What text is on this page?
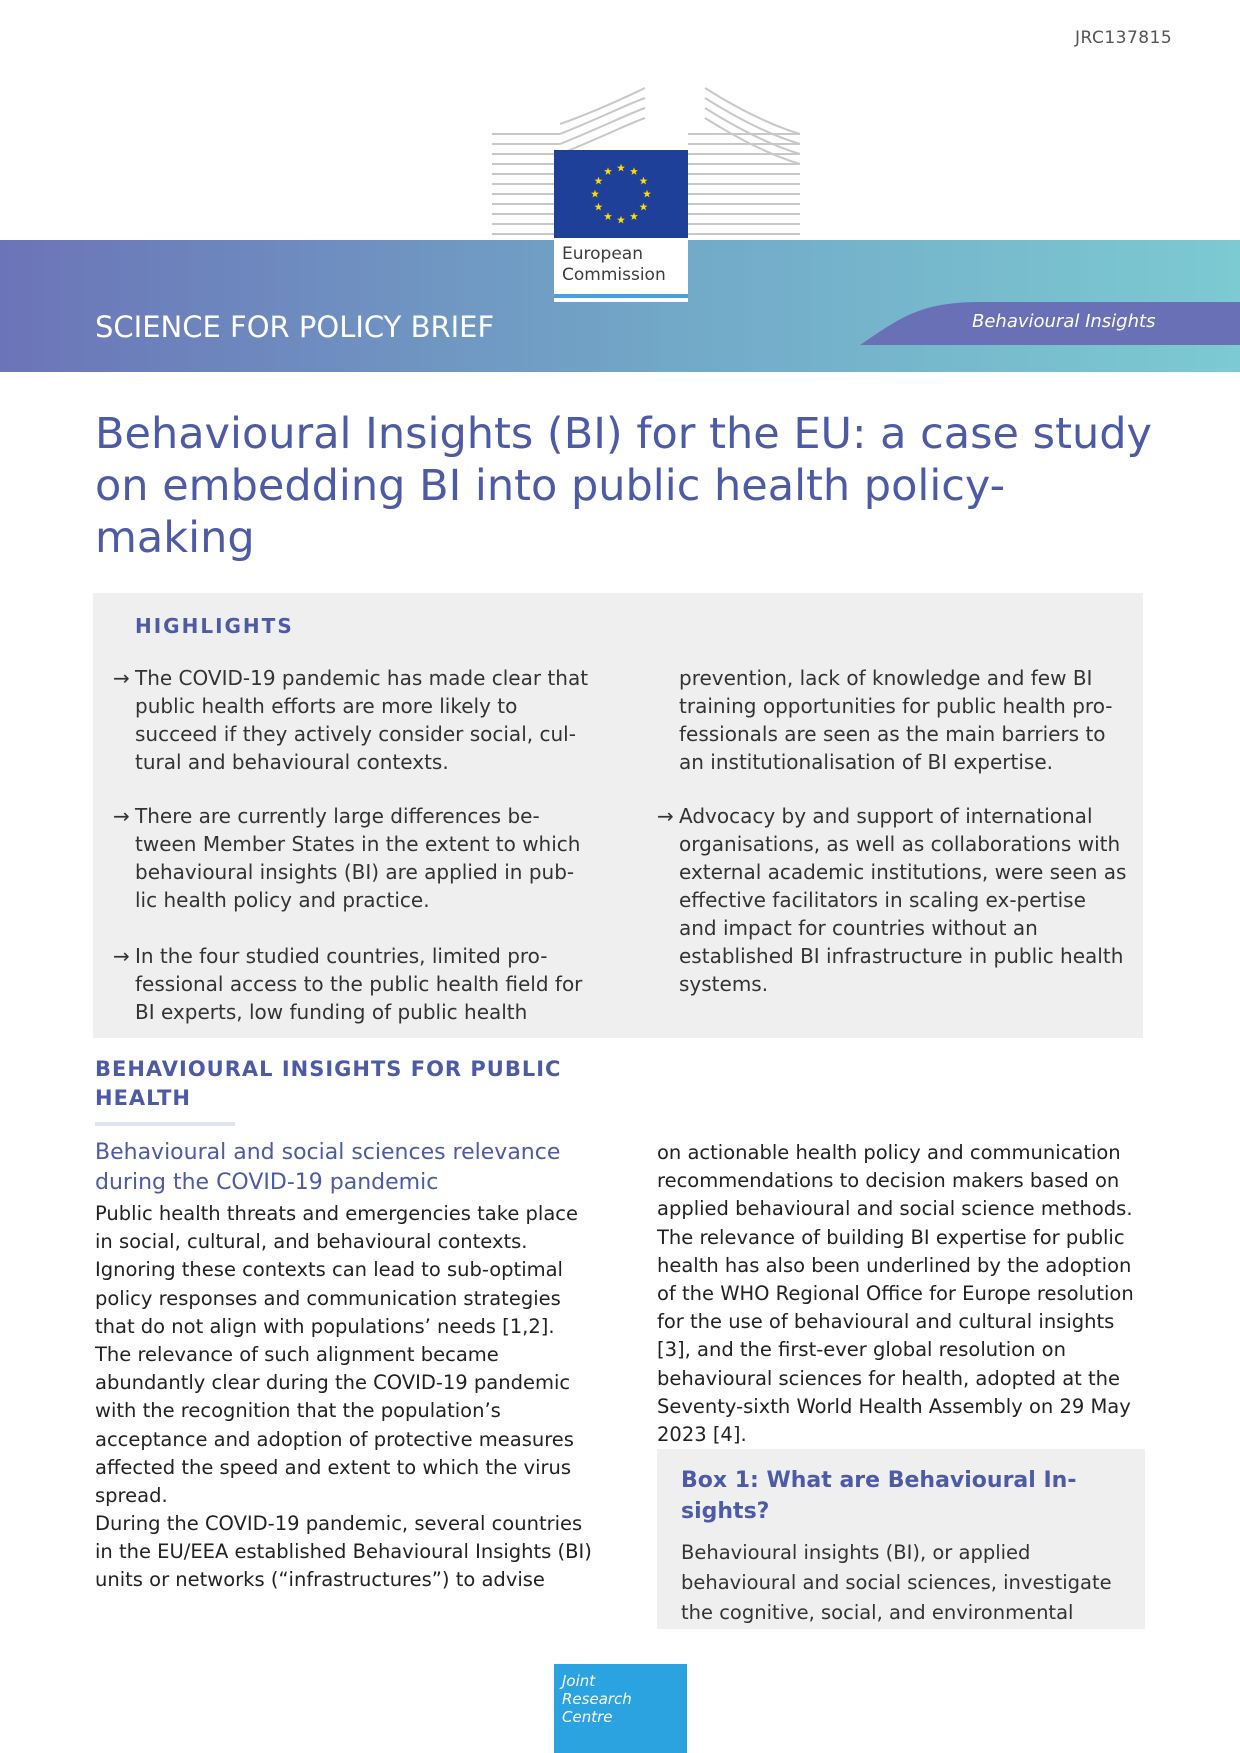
JRC137815
SCIENCE FOR POLICY BRIEF	Behavioural Insights
European
Commission
Behavioural Insights (BI) for the EU: a case study on embedding BI into public health policy-making
HIGHLIGHTS
→ The COVID-19 pandemic has made clear that public health efforts are more likely to succeed if they actively consider social, cul-tural and behavioural contexts.

→ There are currently large differences be-tween Member States in the extent to which behavioural insights (BI) are applied in pub-lic health policy and practice.

→ In the four studied countries, limited pro-fessional access to the public health field for BI experts, low funding of public health

prevention, lack of knowledge and few BI training opportunities for public health pro-fessionals are seen as the main barriers to an institutionalisation of BI expertise.

→ Advocacy by and support of international organisations, as well as collaborations with external academic institutions, were seen as effective facilitators in scaling ex-pertise and impact for countries without an established BI infrastructure in public health systems.

BEHAVIOURAL INSIGHTS FOR PUBLIC HEALTH
Behavioural and social sciences relevance during the COVID-19 pandemic

Public health threats and emergencies take place in social, cultural, and behavioural contexts. Ignoring these contexts can lead to sub-optimal policy responses and communication strategies that do not align with populations’ needs [1,2]. The relevance of such alignment became abundantly clear during the COVID-19 pandemic with the recognition that the population’s acceptance and adoption of protective measures affected the speed and extent to which the virus spread.

During the COVID-19 pandemic, several countries in the EU/EEA established Behavioural Insights (BI) units or networks (“infrastructures”) to advise

on actionable health policy and communication recommendations to decision makers based on applied behavioural and social science methods. The relevance of building BI expertise for public health has also been underlined by the adoption of the WHO Regional Office for Europe resolution for the use of behavioural and cultural insights [3], and the first-ever global resolution on behavioural sciences for health, adopted at the Seventy-sixth World Health Assembly on 29 May 2023 [4].

Box 1: What are Behavioural In-sights?

Behavioural insights (BI), or applied behavioural and social sciences, investigate the cognitive, social, and environmental

Joint
Research
Centre
